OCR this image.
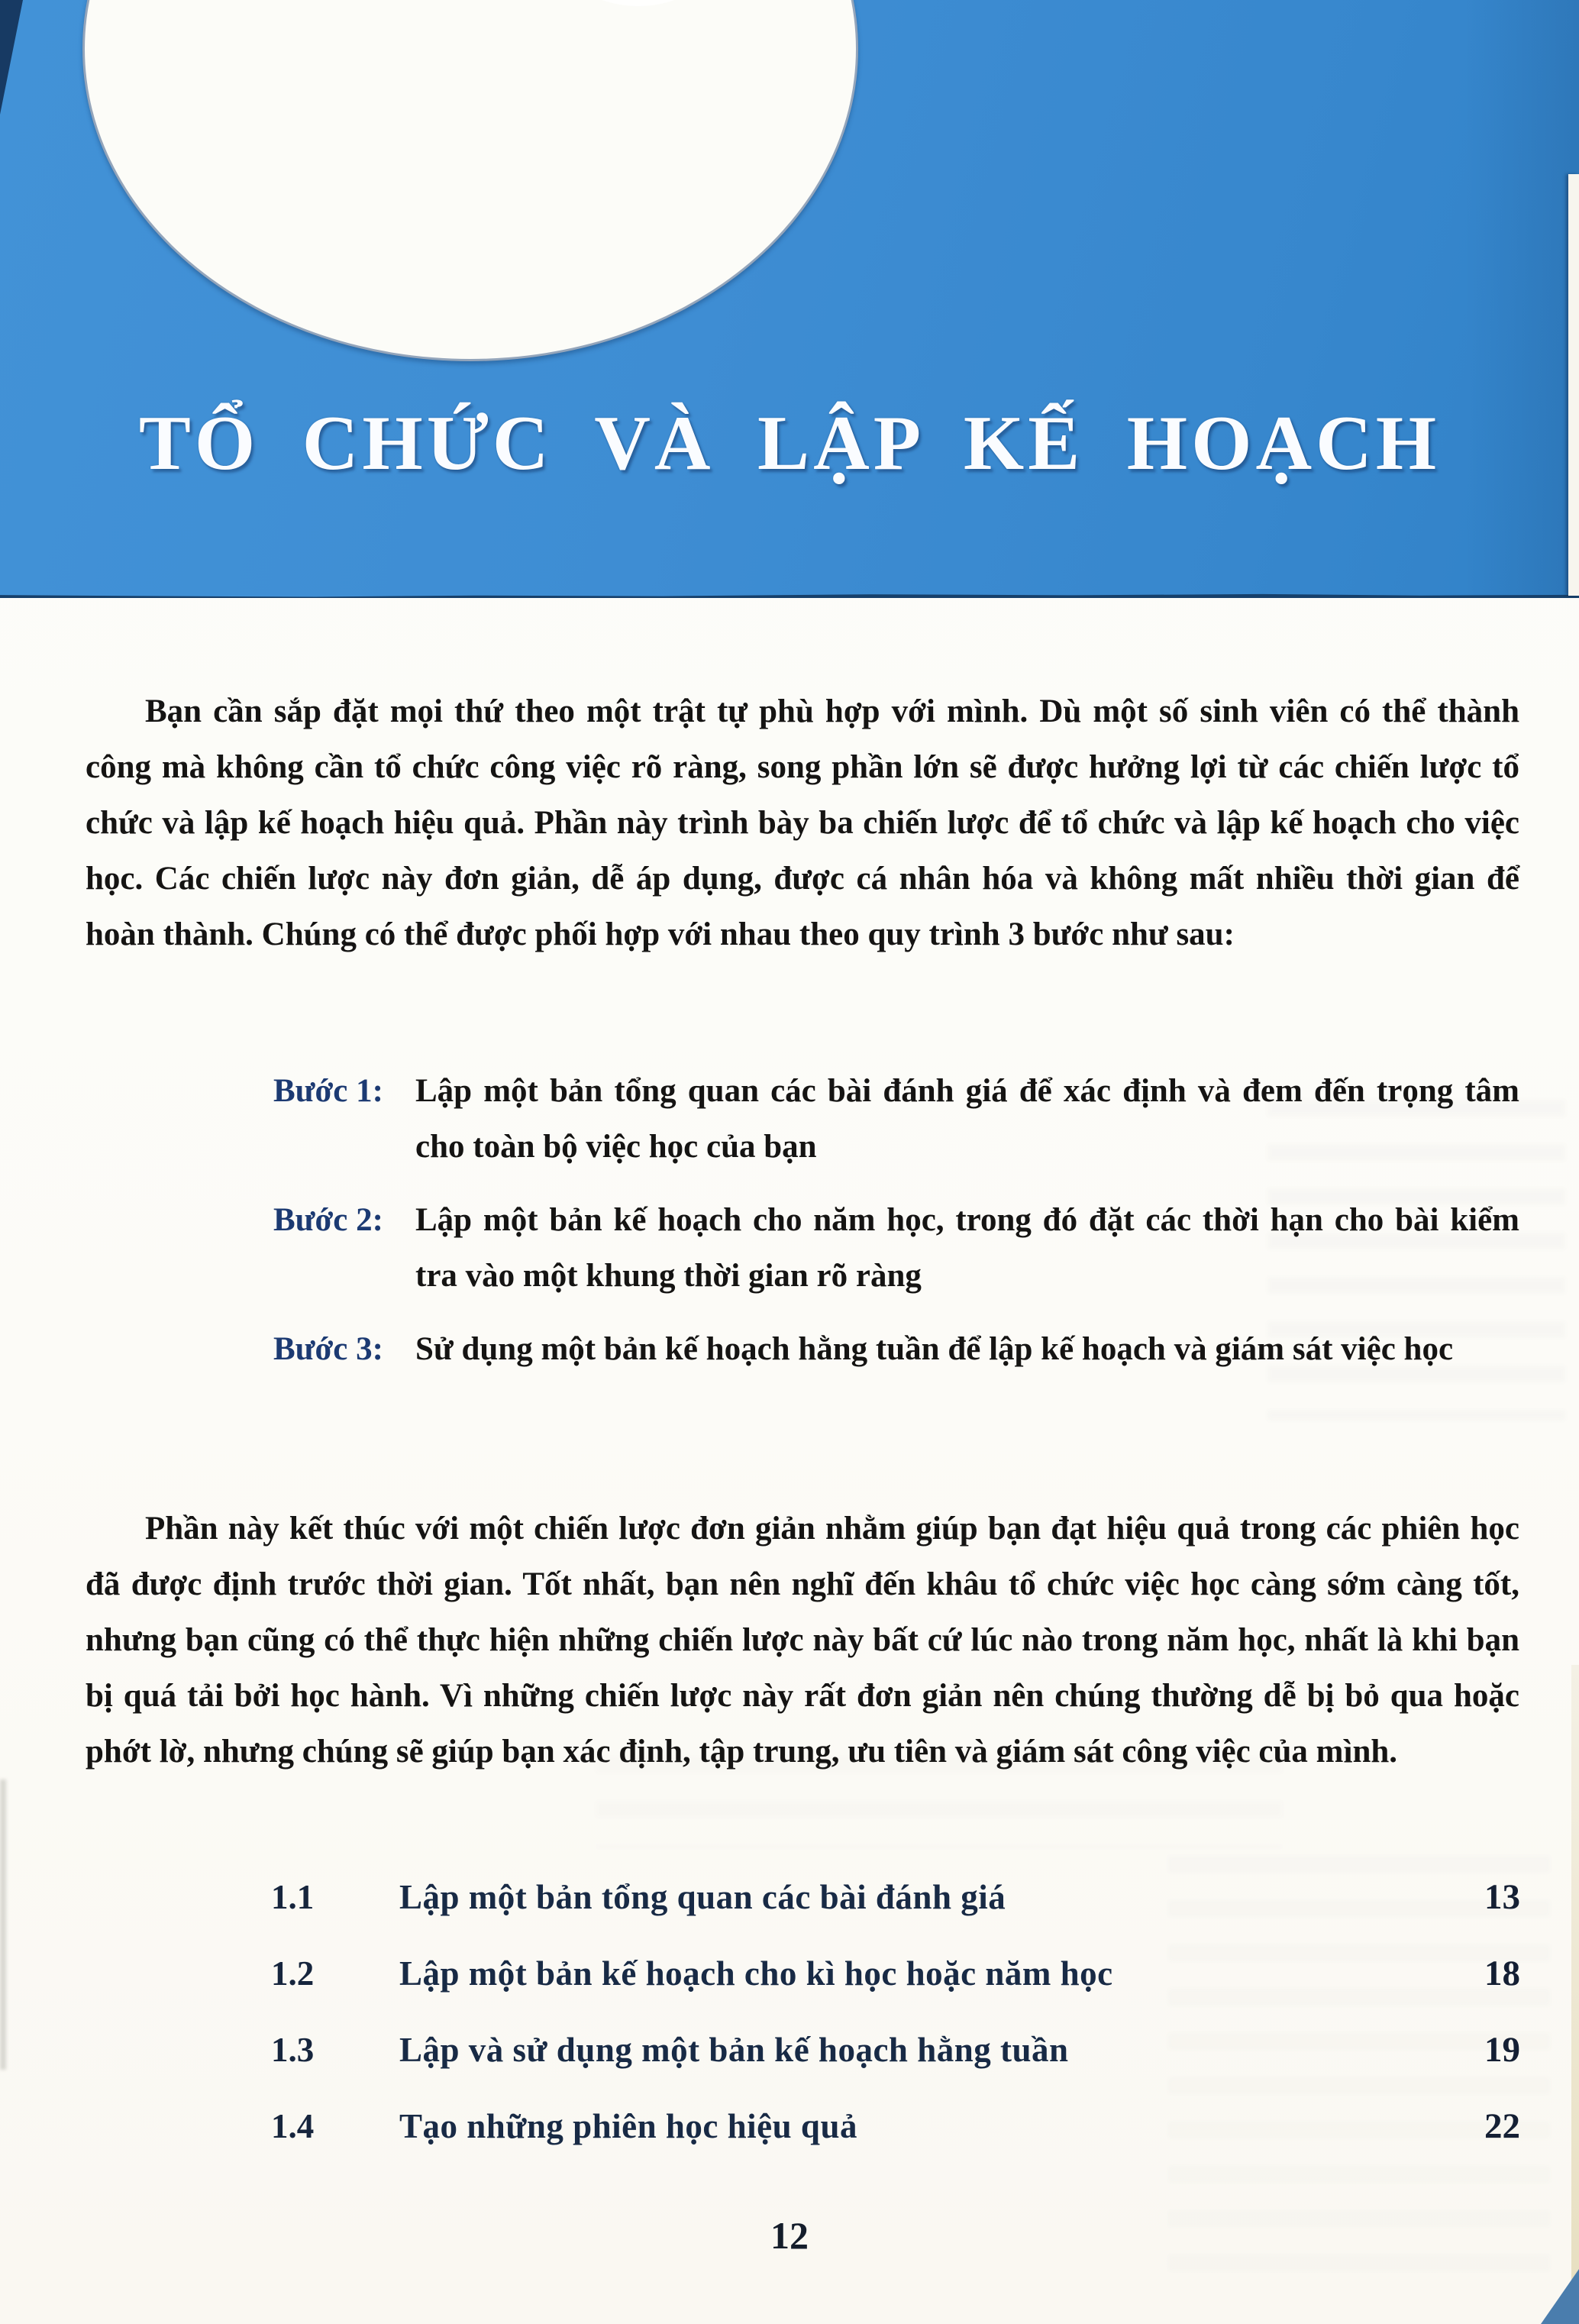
TỔ CHỨC VÀ LẬP KẾ HOẠCH

Bạn cần sắp đặt mọi thứ theo một trật tự phù hợp với mình. Dù một số sinh viên có thể thành công mà không cần tổ chức công việc rõ ràng, song phần lớn sẽ được hưởng lợi từ các chiến lược tổ chức và lập kế hoạch hiệu quả. Phần này trình bày ba chiến lược để tổ chức và lập kế hoạch cho việc học. Các chiến lược này đơn giản, dễ áp dụng, được cá nhân hóa và không mất nhiều thời gian để hoàn thành. Chúng có thể được phối hợp với nhau theo quy trình 3 bước như sau:

Bước 1: Lập một bản tổng quan các bài đánh giá để xác định và đem đến trọng tâm cho toàn bộ việc học của bạn
Bước 2: Lập một bản kế hoạch cho năm học, trong đó đặt các thời hạn cho bài kiểm tra vào một khung thời gian rõ ràng
Bước 3: Sử dụng một bản kế hoạch hằng tuần để lập kế hoạch và giám sát việc học

Phần này kết thúc với một chiến lược đơn giản nhằm giúp bạn đạt hiệu quả trong các phiên học đã được định trước thời gian. Tốt nhất, bạn nên nghĩ đến khâu tổ chức việc học càng sớm càng tốt, nhưng bạn cũng có thể thực hiện những chiến lược này bất cứ lúc nào trong năm học, nhất là khi bạn bị quá tải bởi học hành. Vì những chiến lược này rất đơn giản nên chúng thường dễ bị bỏ qua hoặc phớt lờ, nhưng chúng sẽ giúp bạn xác định, tập trung, ưu tiên và giám sát công việc của mình.

1.1	Lập một bản tổng quan các bài đánh giá	13
1.2	Lập một bản kế hoạch cho kì học hoặc năm học	18
1.3	Lập và sử dụng một bản kế hoạch hằng tuần	19
1.4	Tạo những phiên học hiệu quả	22
12
